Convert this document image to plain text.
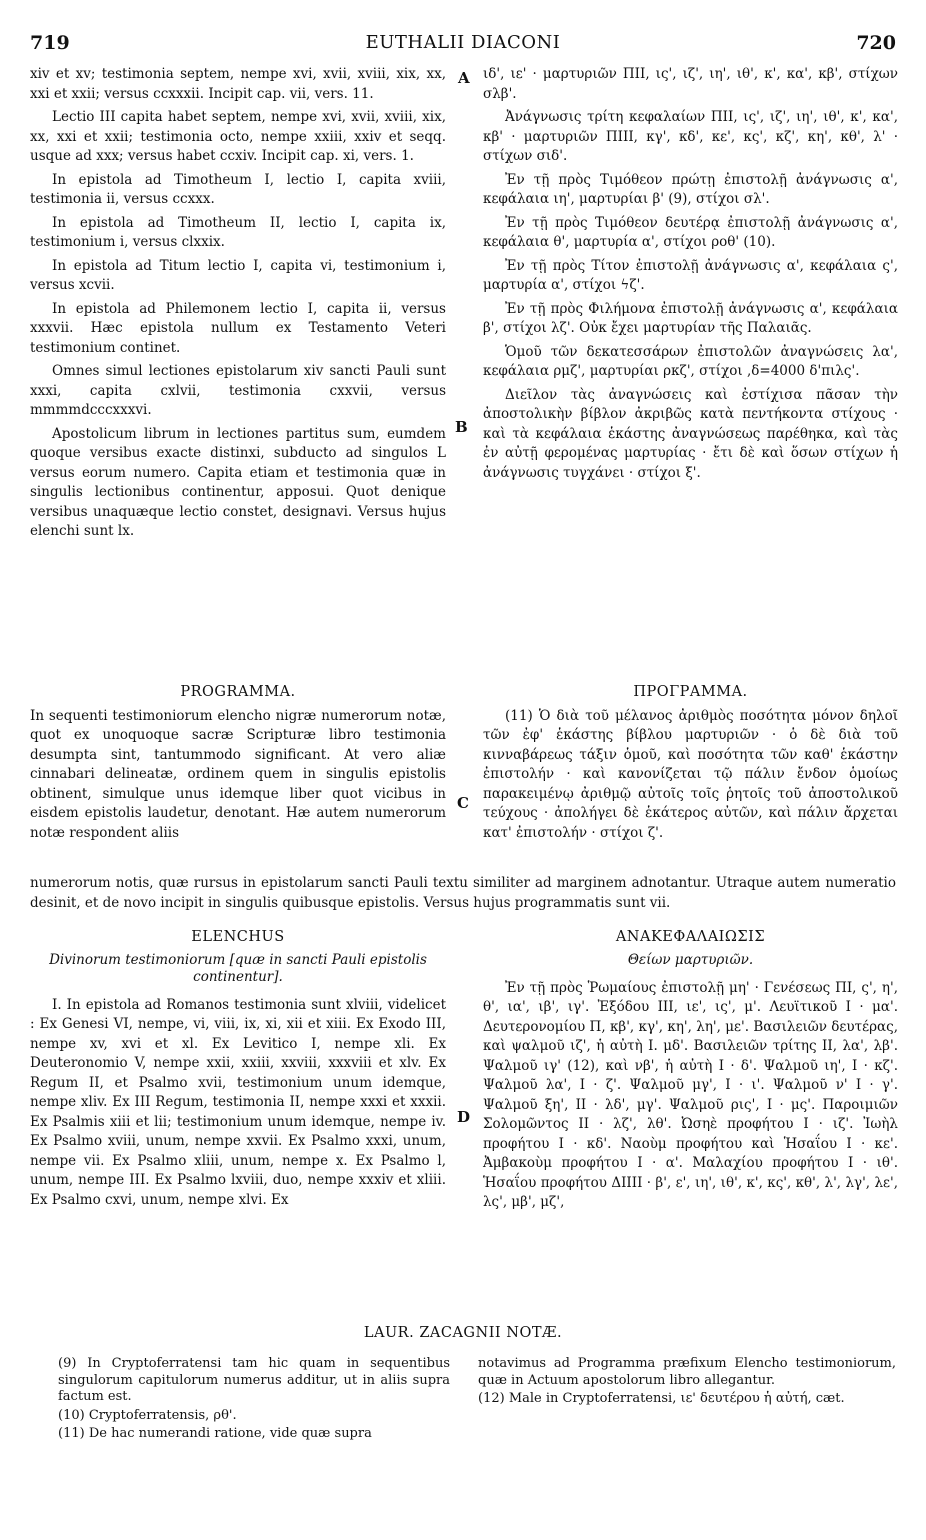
719	EUTHALII DIACONI	720
A
B
C
D

xiv et xv; testimonia septem, nempe xvi, xvii, xviii, xix, xx, xxi et xxii; versus ccxxxii. Incipit cap. vii, vers. 11.

Lectio III capita habet septem, nempe xvi, xvii, xviii, xix, xx, xxi et xxii; testimonia octo, nempe xxiii, xxiv et seqq. usque ad xxx; versus habet ccxiv. Incipit cap. xi, vers. 1.

In epistola ad Timotheum I, lectio I, capita xviii, testimonia ii, versus ccxxx.

In epistola ad Timotheum II, lectio I, capita ix, testimonium i, versus clxxix.

In epistola ad Titum lectio I, capita vi, testimonium i, versus xcvii.

In epistola ad Philemonem lectio I, capita ii, versus xxxvii. Hæc epistola nullum ex Testamento Veteri testimonium continet.

Omnes simul lectiones epistolarum xiv sancti Pauli sunt xxxi, capita cxlvii, testimonia cxxvii, versus mmmmdcccxxxvi.

Apostolicum librum in lectiones partitus sum, eumdem quoque versibus exacte distinxi, subducto ad singulos L versus eorum numero. Capita etiam et testimonia quæ in singulis lectionibus continentur, apposui. Quot denique versibus unaquæque lectio constet, designavi. Versus hujus elenchi sunt lx.

ιδ', ιε' · μαρτυριῶν ΠΙΙ, ις', ιζ', ιη', ιθ', κ', κα', κβ', στίχων σλβ'.

Ἀνάγνωσις τρίτη κεφαλαίων ΠΙΙ, ις', ιζ', ιη', ιθ', κ', κα', κβ' · μαρτυριῶν ΠΙΙΙ, κγ', κδ', κε', κς', κζ', κη', κθ', λ' · στίχων σιδ'.

Ἐν τῇ πρὸς Τιμόθεον πρώτῃ ἐπιστολῇ ἀνάγνωσις α', κεφάλαια ιη', μαρτυρίαι β' (9), στίχοι σλ'.

Ἐν τῇ πρὸς Τιμόθεον δευτέρᾳ ἐπιστολῇ ἀνάγνωσις α', κεφάλαια θ', μαρτυρία α', στίχοι ροθ' (10).

Ἐν τῇ πρὸς Τίτον ἐπιστολῇ ἀνάγνωσις α', κεφάλαια ς', μαρτυρία α', στίχοι ϟζ'.

Ἐν τῇ πρὸς Φιλήμονα ἐπιστολῇ ἀνάγνωσις α', κεφάλαια β', στίχοι λζ'. Οὐκ ἔχει μαρτυρίαν τῆς Παλαιᾶς.

Ὁμοῦ τῶν δεκατεσσάρων ἐπιστολῶν ἀναγνώσεις λα', κεφάλαια ρμζ', μαρτυρίαι ρκζ', στίχοι ,δ=4000 δ'πιλς'.

Διεῖλον τὰς ἀναγνώσεις καὶ ἐστίχισα πᾶσαν τὴν ἀποστολικὴν βίβλον ἀκριβῶς κατὰ πεντήκοντα στίχους · καὶ τὰ κεφάλαια ἑκάστης ἀναγνώσεως παρέθηκα, καὶ τὰς ἐν αὐτῇ φερομένας μαρτυρίας · ἔτι δὲ καὶ ὅσων στίχων ἡ ἀνάγνωσις τυγχάνει · στίχοι ξ'.

PROGRAMMA.

In sequenti testimoniorum elencho nigræ numerorum notæ, quot ex unoquoque sacræ Scripturæ libro testimonia desumpta sint, tantummodo significant. At vero aliæ cinnabari delineatæ, ordinem quem in singulis epistolis obtinent, simulque unus idemque liber quot vicibus in eisdem epistolis laudetur, denotant. Hæ autem numerorum notæ respondent aliis

ΠΡΟΓΡΑΜΜΑ.

(11) Ὁ διὰ τοῦ μέλανος ἀριθμὸς ποσότητα μόνον δηλοῖ τῶν ἐφ' ἑκάστης βίβλου μαρτυριῶν · ὁ δὲ διὰ τοῦ κινναβάρεως τάξιν ὁμοῦ, καὶ ποσότητα τῶν καθ' ἑκάστην ἐπιστολήν · καὶ κανονίζεται τῷ πάλιν ἔνδον ὁμοίως παρακειμένῳ ἀριθμῷ αὐτοῖς τοῖς ῥητοῖς τοῦ ἀποστολικοῦ τεύχους · ἀπολήγει δὲ ἑκάτερος αὐτῶν, καὶ πάλιν ἄρχεται κατ' ἐπιστολήν · στίχοι ζ'.

numerorum notis, quæ rursus in epistolarum sancti Pauli textu similiter ad marginem adnotantur. Utraque autem numeratio desinit, et de novo incipit in singulis quibusque epistolis. Versus hujus programmatis sunt vii.

ELENCHUS

Divinorum testimoniorum [quæ in sancti Pauli epistolis continentur].

I. In epistola ad Romanos testimonia sunt xlviii, videlicet : Ex Genesi VI, nempe, vi, viii, ix, xi, xii et xiii. Ex Exodo III, nempe xv, xvi et xl. Ex Levitico I, nempe xli. Ex Deuteronomio V, nempe xxii, xxiii, xxviii, xxxviii et xlv. Ex Regum II, et Psalmo xvii, testimonium unum idemque, nempe xliv. Ex III Regum, testimonia II, nempe xxxi et xxxii. Ex Psalmis xiii et lii; testimonium unum idemque, nempe iv. Ex Psalmo xviii, unum, nempe xxvii. Ex Psalmo xxxi, unum, nempe vii. Ex Psalmo xliii, unum, nempe x. Ex Psalmo l, unum, nempe III. Ex Psalmo lxviii, duo, nempe xxxiv et xliii. Ex Psalmo cxvi, unum, nempe xlvi. Ex

ΑΝΑΚΕΦΑΛΑΙΩΣΙΣ

Θείων μαρτυριῶν.

Ἐν τῇ πρὸς Ῥωμαίους ἐπιστολῇ μη' · Γενέσεως ΠΙ, ς', η', θ', ια', ιβ', ιγ'. Ἐξόδου ΙΙΙ, ιε', ις', μ'. Λευϊτικοῦ Ι · μα'. Δευτερονομίου Π, κβ', κγ', κη', λη', με'. Βασιλειῶν δευτέρας, καὶ ψαλμοῦ ιζ', ἡ αὐτὴ Ι. μδ'. Βασιλειῶν τρίτης ΙΙ, λα', λβ'. Ψαλμοῦ ιγ' (12), καὶ νβ', ἡ αὐτὴ Ι · δ'. Ψαλμοῦ ιη', Ι · κζ'. Ψαλμοῦ λα', Ι · ζ'. Ψαλμοῦ μγ', Ι · ι'. Ψαλμοῦ ν' Ι · γ'. Ψαλμοῦ ξη', ΙΙ · λδ', μγ'. Ψαλμοῦ ρις', Ι · μς'. Παροιμιῶν Σολομῶντος ΙΙ · λζ', λθ'. Ὠσηὲ προφήτου Ι · ιζ'. Ἰωὴλ προφήτου Ι · κδ'. Ναοὺμ προφήτου καὶ Ἡσαΐου Ι · κε'. Ἀμβακοὺμ προφήτου Ι · α'. Μαλαχίου προφήτου Ι · ιθ'. Ἡσαΐου προφήτου ΔΙΙΙΙ · β', ε', ιη', ιθ', κ', κς', κθ', λ', λγ', λε', λς', μβ', μζ',

LAUR. ZACAGNII NOTÆ.

(9) In Cryptoferratensi tam hic quam in sequentibus singulorum capitulorum numerus additur, ut in aliis supra factum est.

(10) Cryptoferratensis, ρθ'.

(11) De hac numerandi ratione, vide quæ supra

notavimus ad Programma præfixum Elencho testimoniorum, quæ in Actuum apostolorum libro allegantur.

(12) Male in Cryptoferratensi, ιε' δευτέρου ἡ αὐτή, cæt.
